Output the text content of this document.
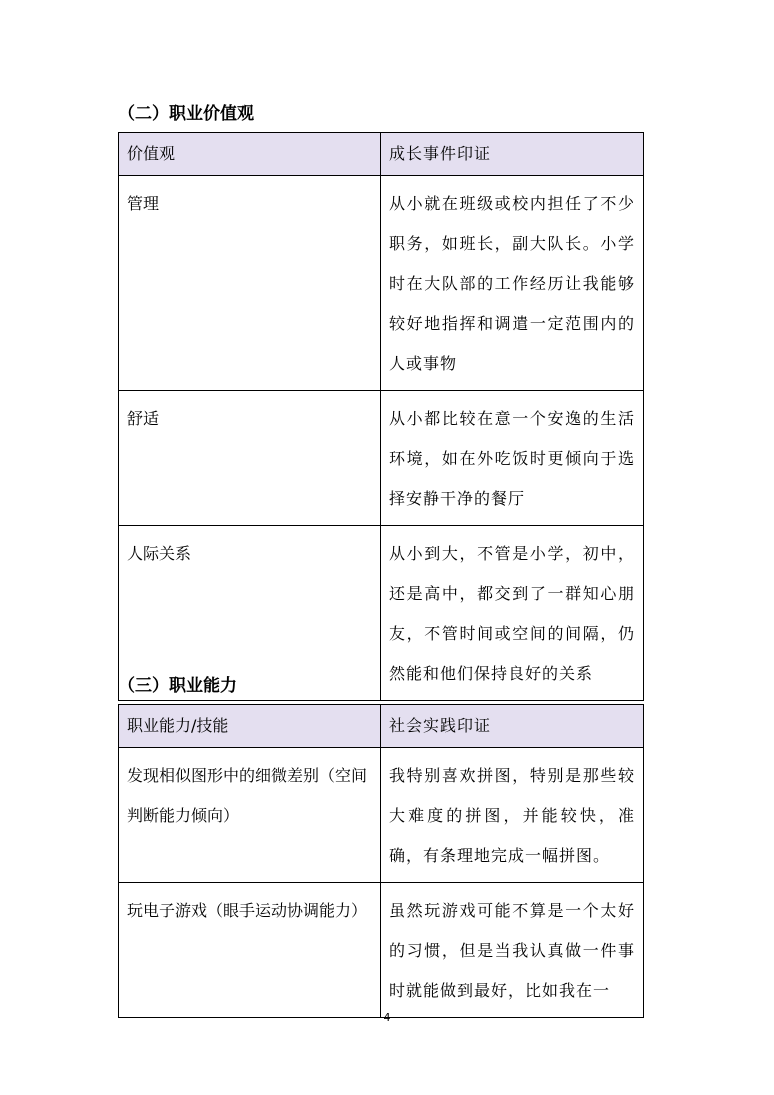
（二）职业价值观
价值观	成长事件印证
管理	从小就在班级或校内担任了不少职务，如班长，副大队长。小学时在大队部的工作经历让我能够较好地指挥和调遣一定范围内的人或事物
舒适	从小都比较在意一个安逸的生活环境，如在外吃饭时更倾向于选择安静干净的餐厅
人际关系	从小到大，不管是小学，初中，还是高中，都交到了一群知心朋友，不管时间或空间的间隔，仍然能和他们保持良好的关系
（三）职业能力
职业能力/技能	社会实践印证
发现相似图形中的细微差别（空间判断能力倾向）	我特别喜欢拼图，特别是那些较大难度的拼图，并能较快，准确，有条理地完成一幅拼图。
玩电子游戏（眼手运动协调能力）	虽然玩游戏可能不算是一个太好的习惯，但是当我认真做一件事时就能做到最好，比如我在一
4
